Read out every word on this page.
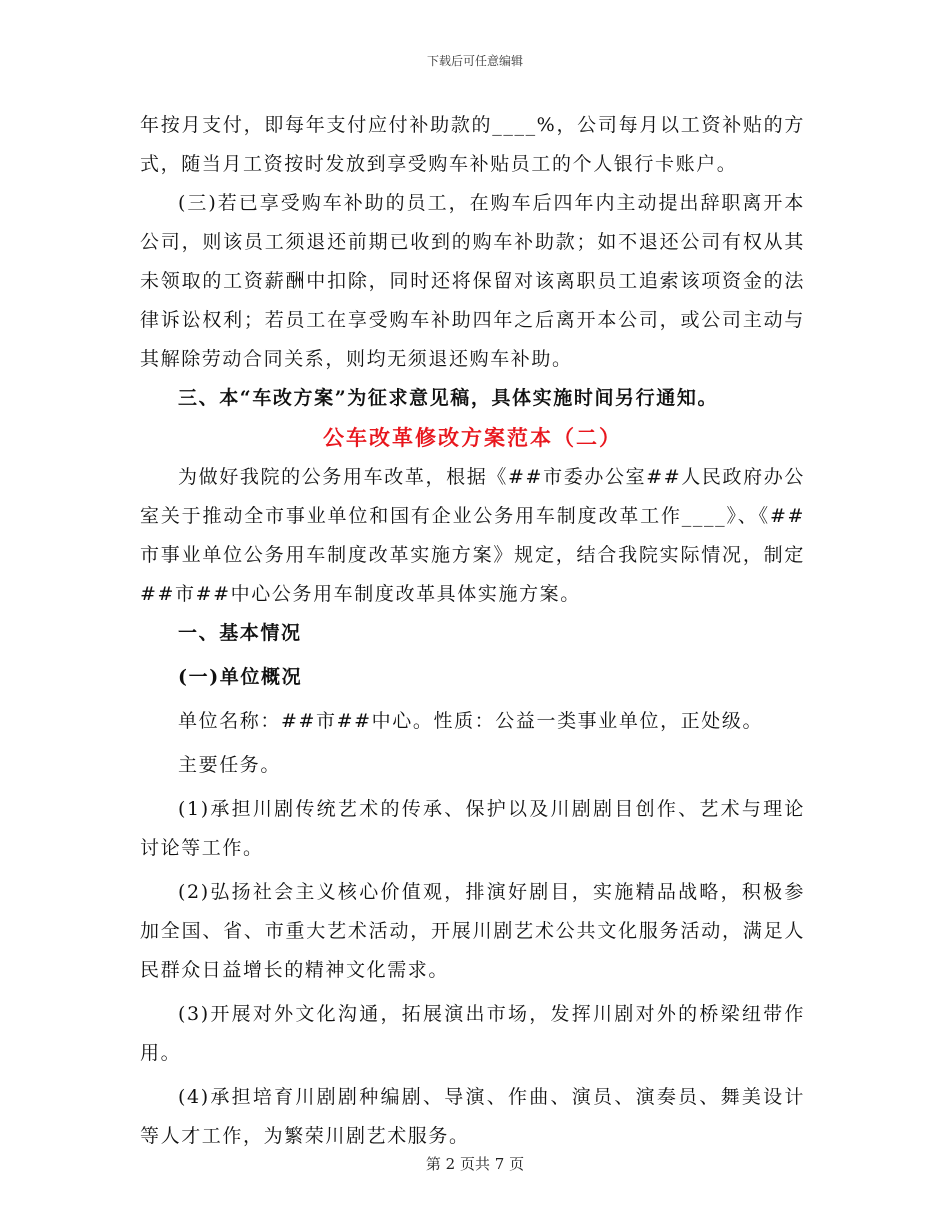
下载后可任意编辑

年按月支付，即每年支付应付补助款的____%，公司每月以工资补贴的方式，随当月工资按时发放到享受购车补贴员工的个人银行卡账户。

(三)若已享受购车补助的员工，在购车后四年内主动提出辞职离开本公司，则该员工须退还前期已收到的购车补助款；如不退还公司有权从其未领取的工资薪酬中扣除，同时还将保留对该离职员工追索该项资金的法律诉讼权利；若员工在享受购车补助四年之后离开本公司，或公司主动与其解除劳动合同关系，则均无须退还购车补助。

三、本“车改方案”为征求意见稿，具体实施时间另行通知。

公车改革修改方案范本（二）

为做好我院的公务用车改革，根据《##市委办公室##人民政府办公室关于推动全市事业单位和国有企业公务用车制度改革工作____》、《##市事业单位公务用车制度改革实施方案》规定，结合我院实际情况，制定##市##中心公务用车制度改革具体实施方案。

一、基本情况

(一)单位概况

单位名称：##市##中心。性质：公益一类事业单位，正处级。

主要任务。

(1)承担川剧传统艺术的传承、保护以及川剧剧目创作、艺术与理论讨论等工作。

(2)弘扬社会主义核心价值观，排演好剧目，实施精品战略，积极参加全国、省、市重大艺术活动，开展川剧艺术公共文化服务活动，满足人民群众日益增长的精神文化需求。

(3)开展对外文化沟通，拓展演出市场，发挥川剧对外的桥梁纽带作用。

(4)承担培育川剧剧种编剧、导演、作曲、演员、演奏员、舞美设计等人才工作，为繁荣川剧艺术服务。

第 2 页共 7 页
